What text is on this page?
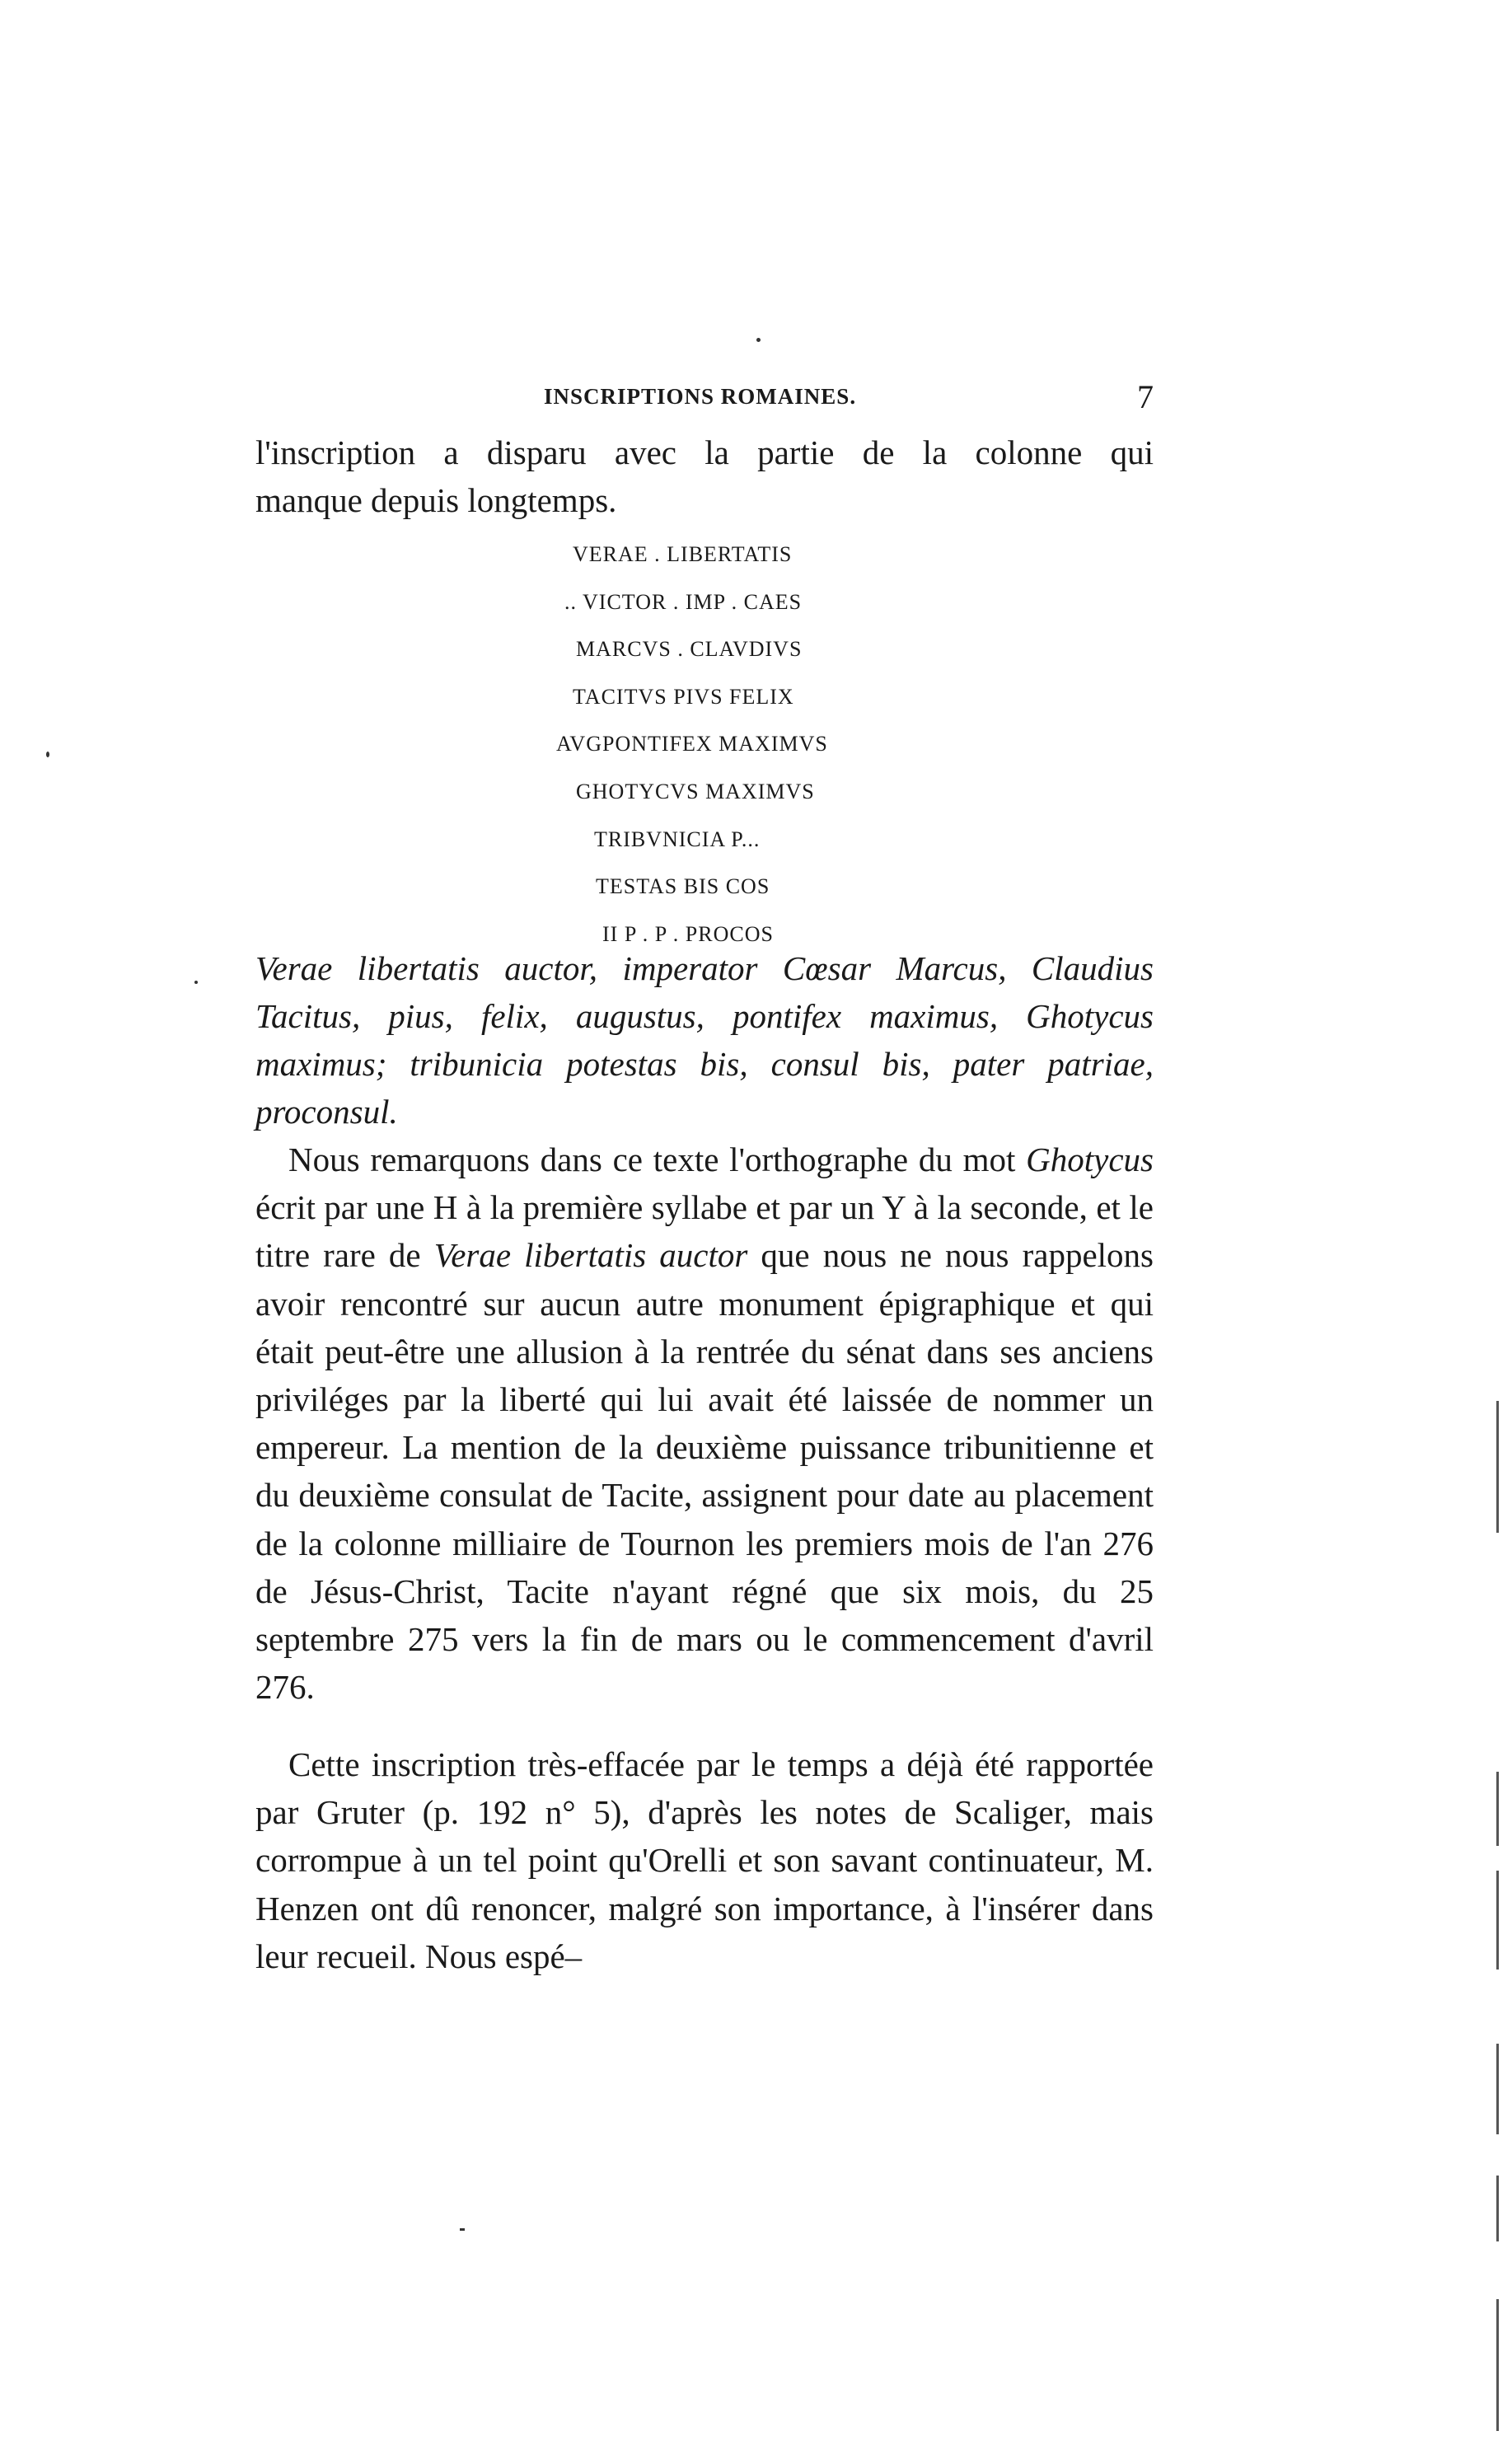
INSCRIPTIONS ROMAINES.	7
l'inscription a disparu avec la partie de la colonne qui
manque depuis longtemps.
VERAE . LIBERTATIS
.. VICTOR . IMP . CAES
MARCVS . CLAVDIVS
TACITVS PIVS FELIX
AVGPONTIFEX MAXIMVS
GHOTYCVS MAXIMVS
TRIBVNICIA P...
TESTAS BIS COS
II P . P . PROCOS
Verae libertatis auctor, imperator Cœsar Marcus, Claudius Tacitus, pius, felix, augustus, pontifex maximus, Ghotycus maximus; tribunicia potestas bis, consul bis, pater patriae, proconsul.
Nous remarquons dans ce texte l'orthographe du mot Ghotycus écrit par une H à la première syllabe et par un Y à la seconde, et le titre rare de Verae libertatis auctor que nous ne nous rappelons avoir rencontré sur aucun autre monument épigraphique et qui était peut-être une allusion à la rentrée du sénat dans ses anciens priviléges par la liberté qui lui avait été laissée de nommer un empereur. La mention de la deuxième puissance tribunitienne et du deuxième consulat de Tacite, assignent pour date au placement de la colonne milliaire de Tournon les premiers mois de l'an 276 de Jésus-Christ, Tacite n'ayant régné que six mois, du 25 septembre 275 vers la fin de mars ou le commencement d'avril 276.
Cette inscription très-effacée par le temps a déjà été rapportée par Gruter (p. 192 n° 5), d'après les notes de Scaliger, mais corrompue à un tel point qu'Orelli et son savant continuateur, M. Henzen ont dû renoncer, malgré son importance, à l'insérer dans leur recueil. Nous espé–
